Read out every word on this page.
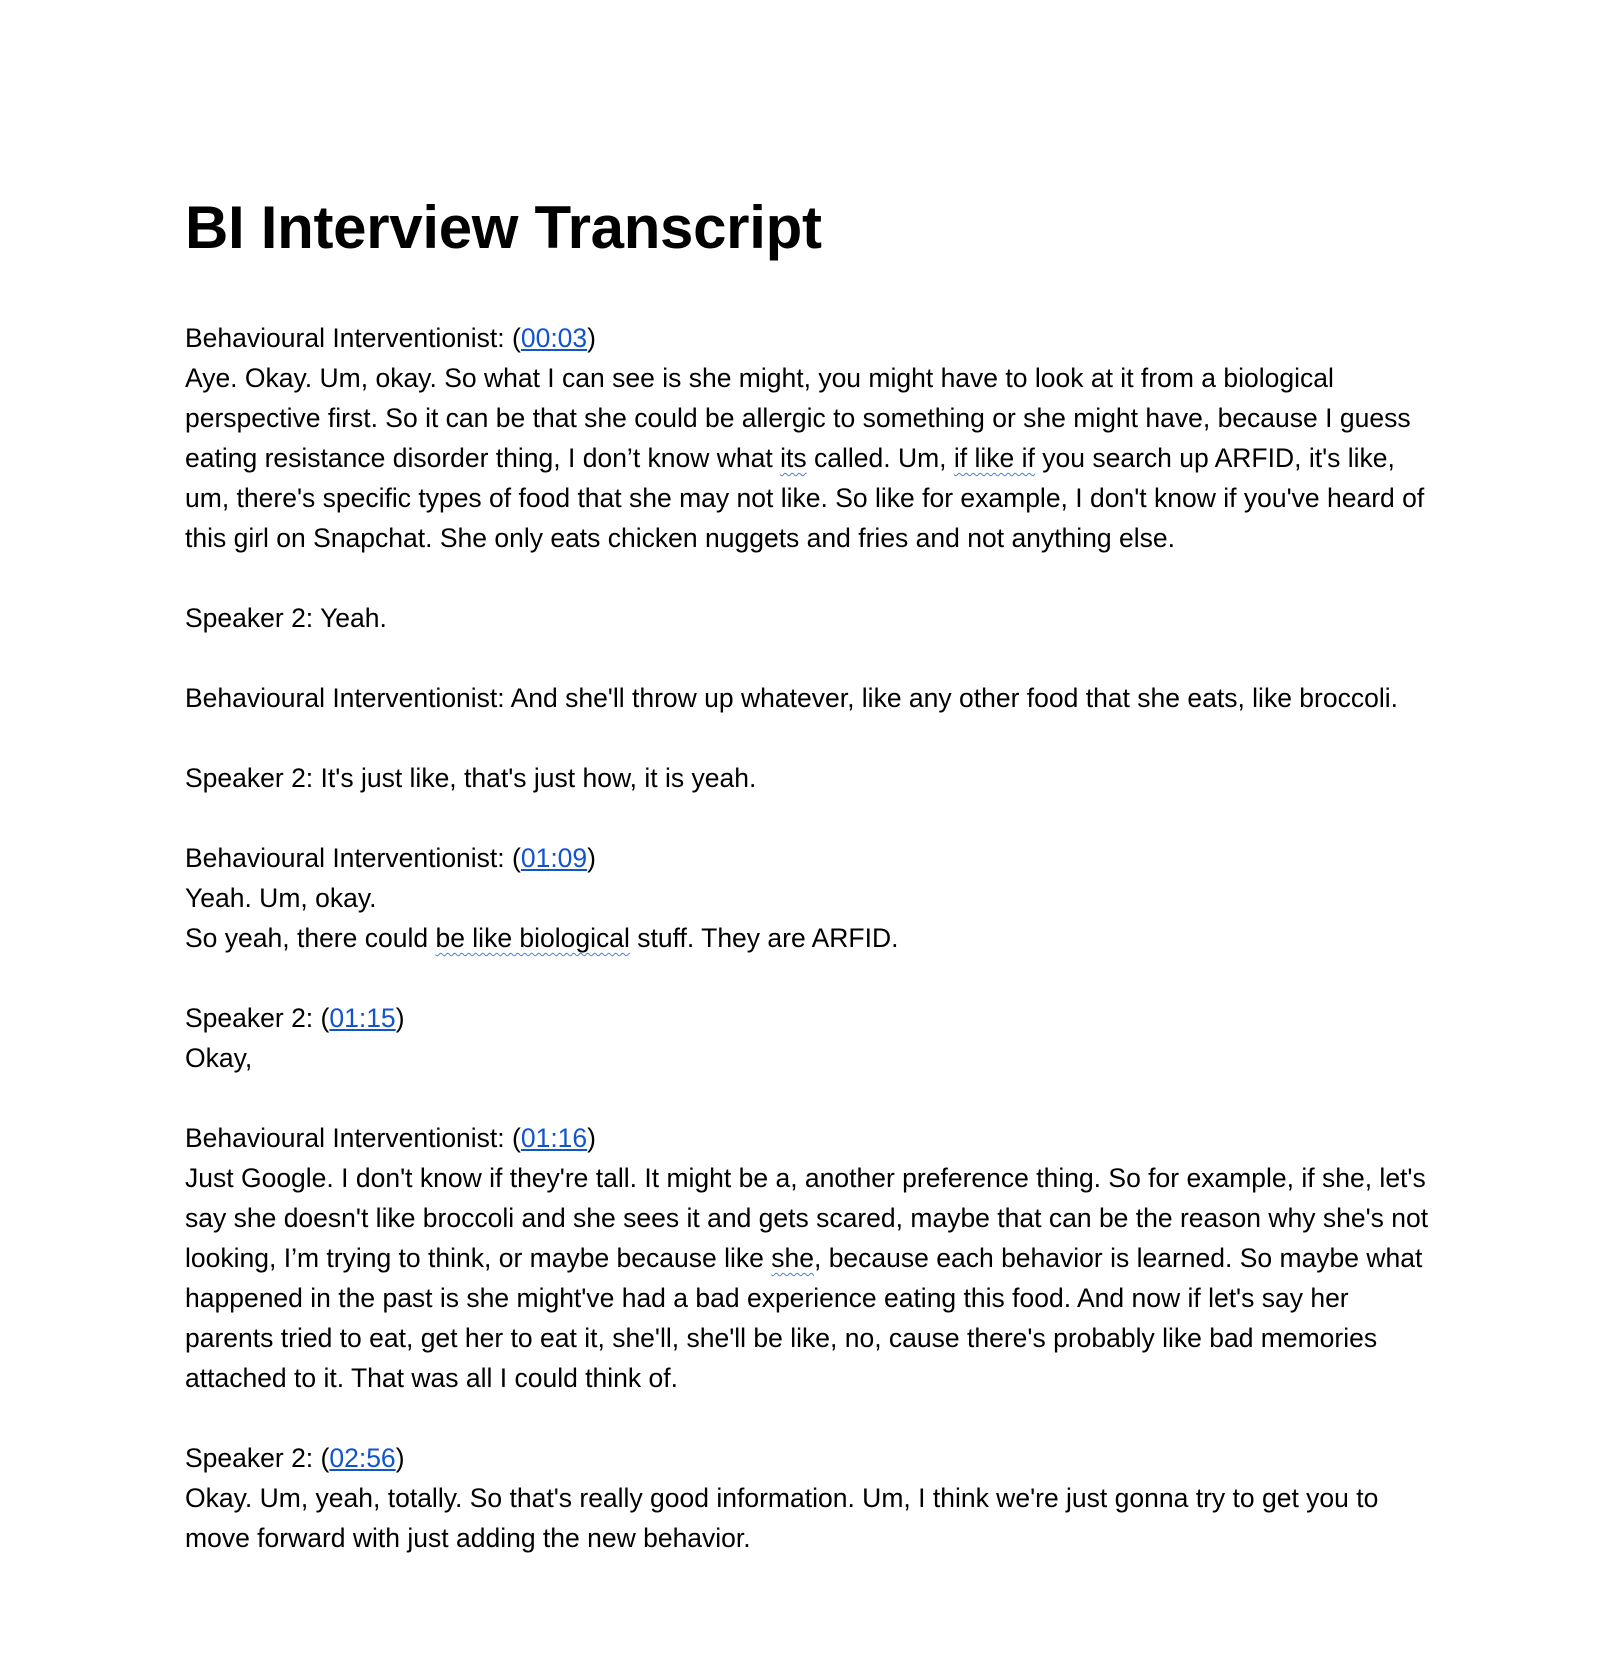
BI Interview Transcript

Behavioural Interventionist: (00:03)
Aye. Okay. Um, okay. So what I can see is she might, you might have to look at it from a biological perspective first. So it can be that she could be allergic to something or she might have, because I guess eating resistance disorder thing, I don’t know what its called. Um, if like if you search up ARFID, it's like, um, there's specific types of food that she may not like. So like for example, I don't know if you've heard of this girl on Snapchat. She only eats chicken nuggets and fries and not anything else.

Speaker 2: Yeah.

Behavioural Interventionist: And she'll throw up whatever, like any other food that she eats, like broccoli.

Speaker 2: It's just like, that's just how, it is yeah.

Behavioural Interventionist: (01:09)
Yeah. Um, okay.
So yeah, there could be like biological stuff. They are ARFID.

Speaker 2: (01:15)
Okay,

Behavioural Interventionist: (01:16)
Just Google. I don't know if they're tall. It might be a, another preference thing. So for example, if she, let's say she doesn't like broccoli and she sees it and gets scared, maybe that can be the reason why she's not looking, I’m trying to think, or maybe because like she, because each behavior is learned. So maybe what happened in the past is she might've had a bad experience eating this food. And now if let's say her parents tried to eat, get her to eat it, she'll, she'll be like, no, cause there's probably like bad memories attached to it. That was all I could think of.

Speaker 2: (02:56)
Okay. Um, yeah, totally. So that's really good information. Um, I think we're just gonna try to get you to move forward with just adding the new behavior.
